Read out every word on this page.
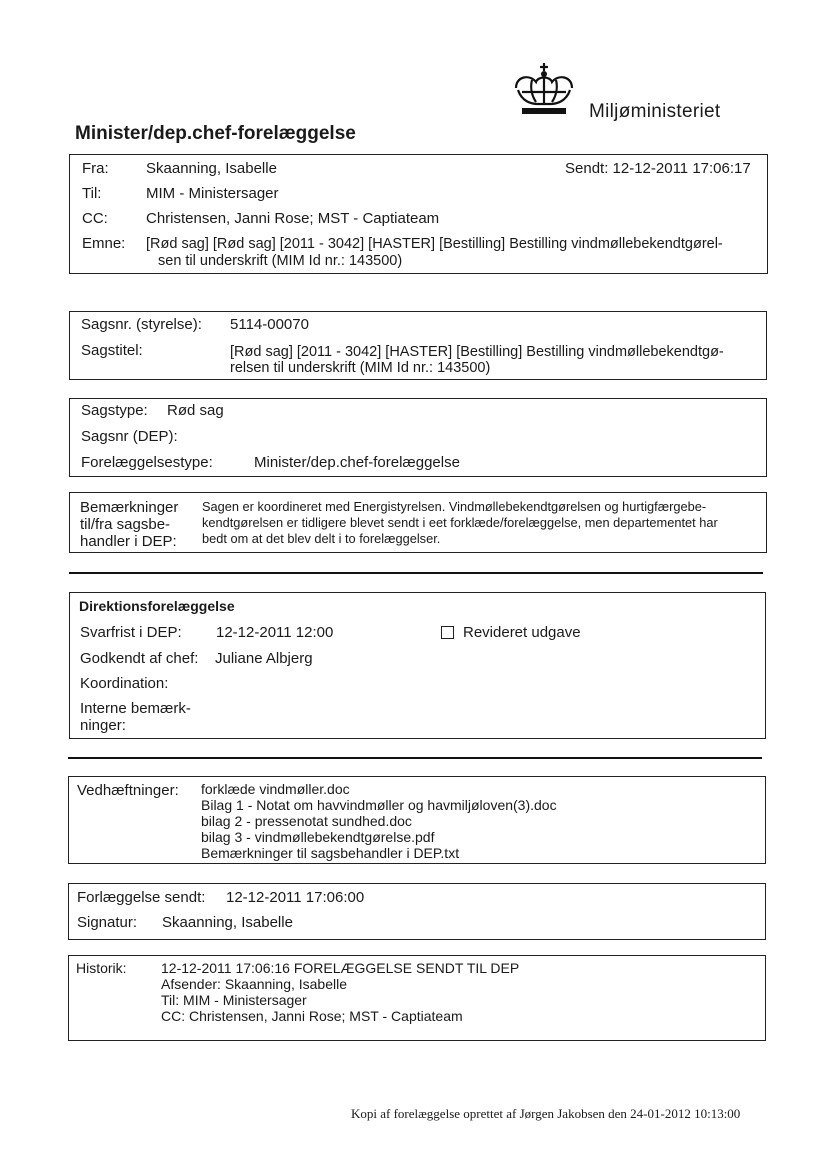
Miljøministeriet
Minister/dep.chef-forelæggelse
Fra: Skaanning, Isabelle	Sendt: 12-12-2011 17:06:17
Til:	MIM - Ministersager
CC:	Christensen, Janni Rose; MST - Captiateam
Emne: [Rød sag] [Rød sag] [2011 - 3042] [HASTER] [Bestilling] Bestilling vindmøllebekendtgørel-
sen til underskrift (MIM Id nr.: 143500)
Sagsnr. (styrelse): 5114-00070
Sagstitel:	[Rød sag] [2011 - 3042] [HASTER] [Bestilling] Bestilling vindmøllebekendtgø-
relsen til underskrift (MIM Id nr.: 143500)
Sagstype: Rød sag
Sagsnr (DEP):
Forelæggelsestype:	Minister/dep.chef-forelæggelse
Bemærkninger
til/fra sagsbe-
handler i DEP:
Sagen er koordineret med Energistyrelsen. Vindmøllebekendtgørelsen og hurtigfærgebe-
kendtgørelsen er tidligere blevet sendt i eet forklæde/forelæggelse, men departementet har
bedt om at det blev delt i to forelæggelser.
Direktionsforelæggelse
Svarfrist i DEP: 12-12-2011 12:00	Revideret udgave
Godkendt af chef: Juliane Albjerg
Koordination:
Interne bemærk-
ninger:
Vedhæftninger: forklæde vindmøller.doc
Bilag 1 - Notat om havvindmøller og havmiljøloven(3).doc
bilag 2 - pressenotat sundhed.doc
bilag 3 - vindmøllebekendtgørelse.pdf
Bemærkninger til sagsbehandler i DEP.txt
Forlæggelse sendt: 12-12-2011 17:06:00
Signatur: Skaanning, Isabelle
Historik: 12-12-2011 17:06:16 FORELÆGGELSE SENDT TIL DEP
Afsender: Skaanning, Isabelle
Til: MIM - Ministersager
CC: Christensen, Janni Rose; MST - Captiateam
Kopi af forelæggelse oprettet af Jørgen Jakobsen den 24-01-2012 10:13:00
